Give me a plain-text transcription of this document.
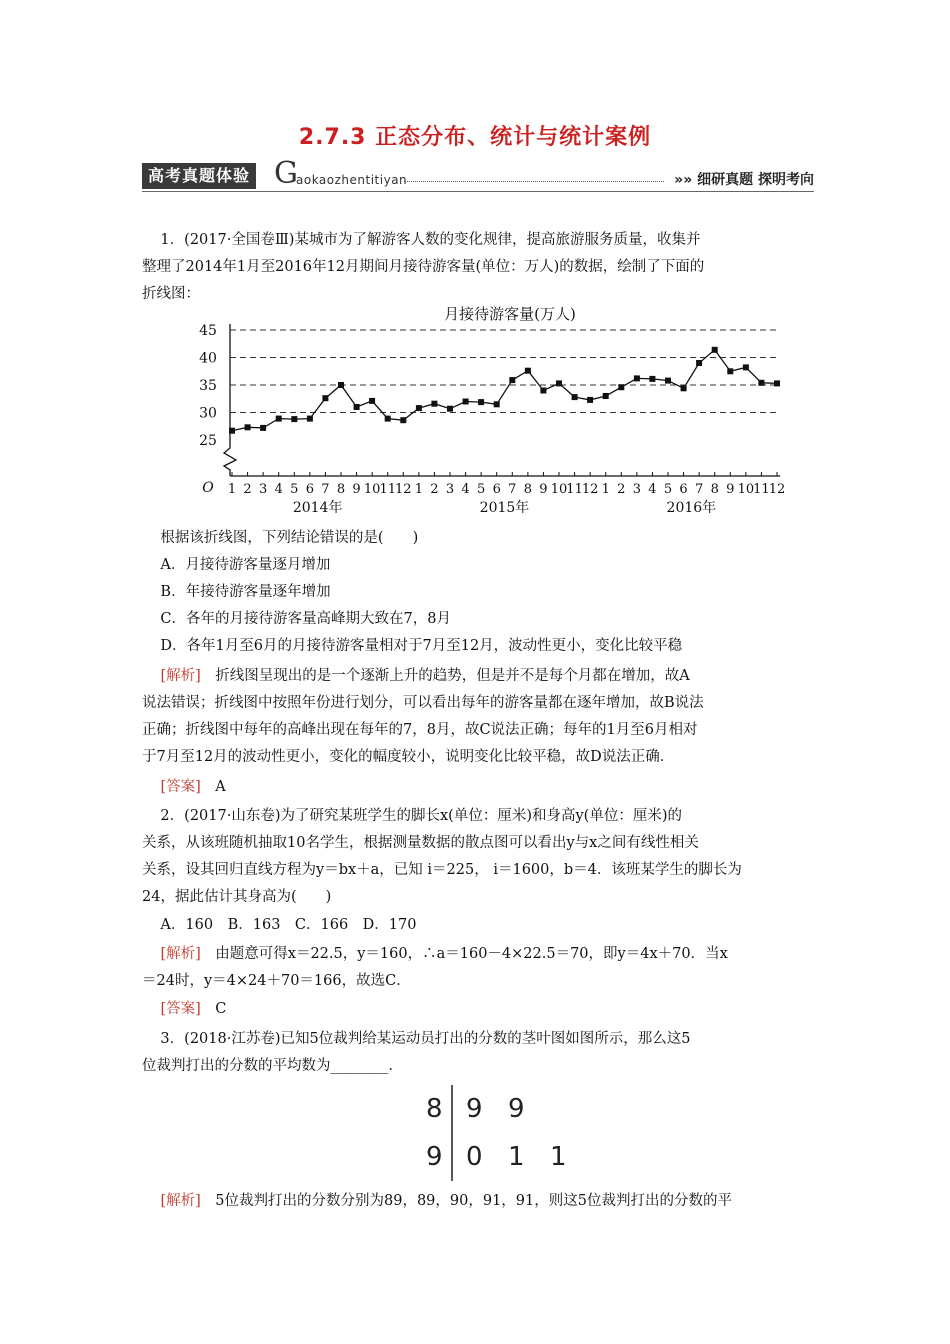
2.7.3 正态分布、统计与统计案例
高考真题体验 G
aokaozhentitiyan	»» 细研真题 探明考向
1．(2017·全国卷Ⅲ)某城市为了解游客人数的变化规律，提高旅游服务质量，收集并
整理了2014年1月至2016年12月期间月接待游客量(单位：万人)的数据，绘制了下面的
折线图：
25
30
35
40
45
1 2 3 4 5 6 7 8 9 10 11 12 1 2 3 4 5 6 7 8 9 10 11 12 1 2 3 4 5 6 7 8 9 10 11 12
2014年	2015年	2016年
月接待游客量(万人)
O
根据该折线图，下列结论错误的是(　　)
A．月接待游客量逐月增加
B．年接待游客量逐年增加
C．各年的月接待游客量高峰期大致在7，8月
D．各年1月至6月的月接待游客量相对于7月至12月，波动性更小，变化比较平稳
[解析]　折线图呈现出的是一个逐渐上升的趋势，但是并不是每个月都在增加，故A
说法错误；折线图中按照年份进行划分，可以看出每年的游客量都在逐年增加，故B说法
正确；折线图中每年的高峰出现在每年的7，8月，故C说法正确；每年的1月至6月相对
于7月至12月的波动性更小，变化的幅度较小，说明变化比较平稳，故D说法正确．
[答案]　A
2．(2017·山东卷)为了研究某班学生的脚长x(单位：厘米)和身高y(单位：厘米)的
关系，从该班随机抽取10名学生，根据测量数据的散点图可以看出y与x之间有线性相关
关系，设其回归直线方程为y＝bx＋a，已知 i＝225， i＝1600，b＝4．该班某学生的脚长为
24，据此估计其身高为(　　)
A．160　B．163　C．166　D．170
[解析]　由题意可得x＝22.5，y＝160，∴a＝160－4×22.5＝70，即y＝4x＋70．当x
＝24时，y＝4×24＋70＝166，故选C．
[答案]　C
3．(2018·江苏卷)已知5位裁判给某运动员打出的分数的茎叶图如图所示，那么这5
位裁判打出的分数的平均数为________．
8 9 9
9 0 1 1
[解析]　5位裁判打出的分数分别为89，89，90，91，91，则这5位裁判打出的分数的平
